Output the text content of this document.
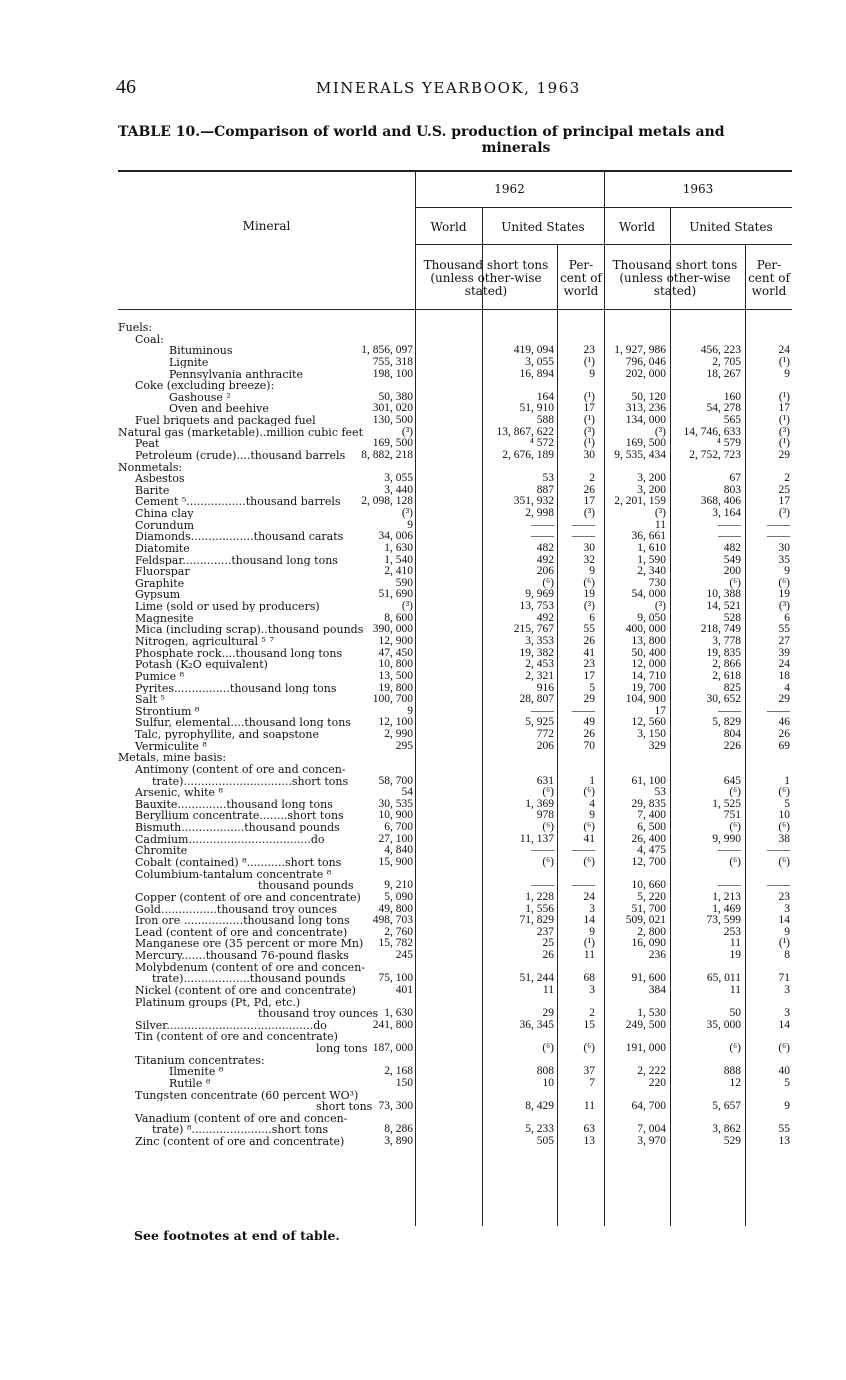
46	MINERALS YEARBOOK, 1963
TABLE 10.—Comparison of world and U.S. production of principal metals and
minerals
Mineral
1962	1963
World	United States	World	United States
Thousand short tons (unless other-wise stated)
Per-cent of world
Thousand short tons (unless other-wise stated)
Per-cent of world
Fuels:
Coal:
Bituminous	1, 856, 097	419, 094	23	1, 927, 986	456, 223	24
Lignite	755, 318	3, 055	(¹)	796, 046	2, 705	(¹)
Pennsylvania anthracite	198, 100	16, 894	9	202, 000	18, 267	9
Coke (excluding breeze):
Gashouse ²	50, 380	164	(¹)	50, 120	160	(¹)
Oven and beehive	301, 020	51, 910	17	313, 236	54, 278	17
Fuel briquets and packaged fuel	130, 500	588	(¹)	134, 000	565	(¹)
Natural gas (marketable)..million cubic feet	(³)	13, 867, 622	(³)	(³)	14, 746, 633	(³)
Peat	169, 500	⁴ 572	(¹)	169, 500	⁴ 579	(¹)
Petroleum (crude)....thousand barrels	8, 882, 218	2, 676, 189	30	9, 535, 434	2, 752, 723	29
Nonmetals:
Asbestos	3, 055	53	2	3, 200	67	2
Barite	3, 440	887	26	3, 200	803	25
Cement ⁵.................thousand barrels	2, 098, 128	351, 932	17	2, 201, 159	368, 406	17
China clay	(³)	2, 998	(³)	(³)	3, 164	(³)
Corundum	9	——	——	11	——	——
Diamonds..................thousand carats	34, 006	——	——	36, 661	——	——
Diatomite	1, 630	482	30	1, 610	482	30
Feldspar..............thousand long tons	1, 540	492	32	1, 590	549	35
Fluorspar	2, 410	206	9	2, 340	200	9
Graphite	590	(⁶)	(⁶)	730	(⁶)	(⁶)
Gypsum	51, 690	9, 969	19	54, 000	10, 388	19
Lime (sold or used by producers)	(³)	13, 753	(³)	(³)	14, 521	(³)
Magnesite	8, 600	492	6	9, 050	528	6
Mica (including scrap)..thousand pounds 390, 000	215, 767	55	400, 000	218, 749	55
Nitrogen, agricultural ⁵ ⁷	12, 900	3, 353	26	13, 800	3, 778	27
Phosphate rock....thousand long tons	47, 450	19, 382	41	50, 400	19, 835	39
Potash (K₂O equivalent)	10, 800	2, 453	23	12, 000	2, 866	24
Pumice ⁸	13, 500	2, 321	17	14, 710	2, 618	18
Pyrites................thousand long tons	19, 800	916	5	19, 700	825	4
Salt ⁵	100, 700	28, 807	29	104, 900	30, 652	29
Strontium ⁸	9	——	——	17	——	——
Sulfur, elemental....thousand long tons	12, 100	5, 925	49	12, 560	5, 829	46
Talc, pyrophyllite, and soapstone	2, 990	772	26	3, 150	804	26
Vermiculite ⁸	295	206	70	329	226	69
Metals, mine basis:
Antimony (content of ore and concen-
trate)...............................short tons	58, 700	631	1	61, 100	645	1
Arsenic, white ⁸	54	(⁶)	(⁶)	53	(⁶)	(⁶)
Bauxite..............thousand long tons	30, 535	1, 369	4	29, 835	1, 525	5
Beryllium concentrate........short tons	10, 900	978	9	7, 400	751	10
Bismuth..................thousand pounds	6, 700	(⁶)	(⁶)	6, 500	(⁶)	(⁶)
Cadmium...................................do	27, 100	11, 137	41	26, 400	9, 990	38
Chromite	4, 840	——	——	4, 475	——	——
Cobalt (contained) ⁸...........short tons	15, 900	(⁶)	(⁶)	12, 700	(⁶)	(⁶)
Columbium-tantalum concentrate ⁸
thousand pounds	9, 210	——	——	10, 660	——	——
Copper (content of ore and concentrate)	5, 090	1, 228	24	5, 220	1, 213	23
Gold................thousand troy ounces	49, 800	1, 556	3	51, 700	1, 469	3
Iron ore .................thousand long tons	498, 703	71, 829	14	509, 021	73, 599	14
Lead (content of ore and concentrate)	2, 760	237	9	2, 800	253	9
Manganese ore (35 percent or more Mn)	15, 782	25	(¹)	16, 090	11	(¹)
Mercury.......thousand 76-pound flasks	245	26	11	236	19	8
Molybdenum (content of ore and concen-
trate)...................thousand pounds	75, 100	51, 244	68	91, 600	65, 011	71
Nickel (content of ore and concentrate)	401	11	3	384	11	3
Platinum groups (Pt, Pd, etc.)
thousand troy ounces 1, 630	29	2	1, 530	50	3
Silver..........................................do	241, 800	36, 345	15	249, 500	35, 000	14
Tin (content of ore and concentrate)
long tons 187, 000	(⁶)	(⁶)	191, 000	(⁶)	(⁶)
Titanium concentrates:
Ilmenite ⁸	2, 168	808	37	2, 222	888	40
Rutile ⁸	150	10	7	220	12	5
Tungsten concentrate (60 percent WO³)
short tons 73, 300	8, 429	11	64, 700	5, 657	9
Vanadium (content of ore and concen-
trate) ⁸.......................short tons	8, 286	5, 233	63	7, 004	3, 862	55
Zinc (content of ore and concentrate)	3, 890	505	13	3, 970	529	13
See footnotes at end of table.
